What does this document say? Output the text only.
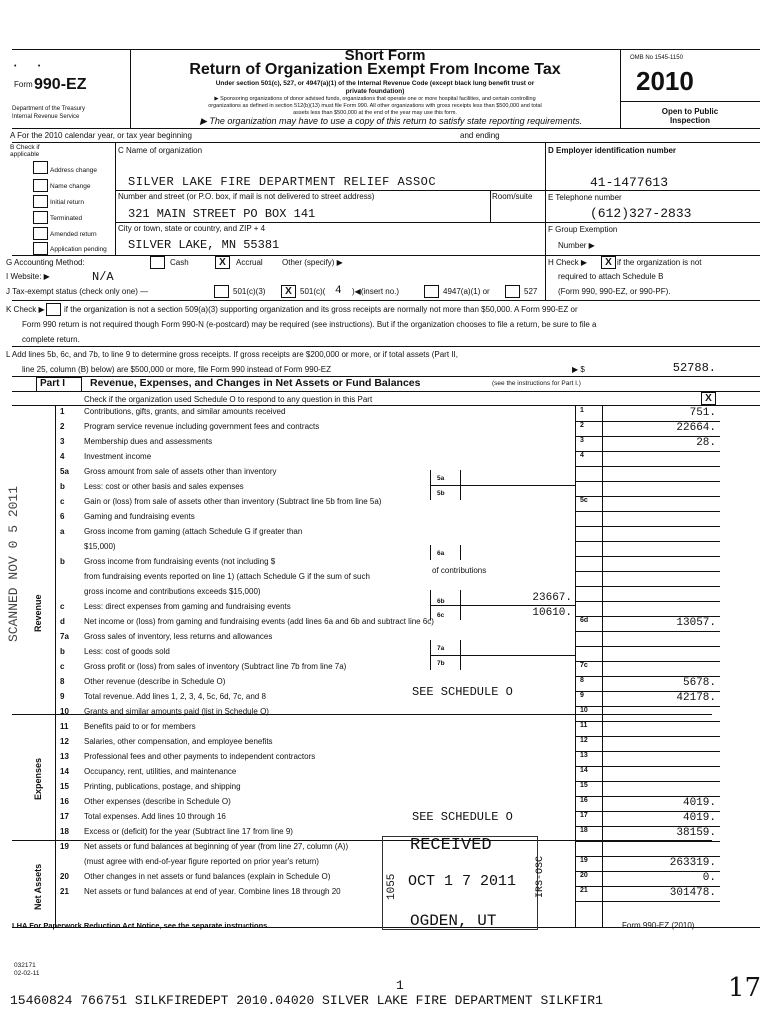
•           •
Form 990-EZ
Department of the Treasury
Internal Revenue Service
Short Form
Return of Organization Exempt From Income Tax
Under section 501(c), 527, or 4947(a)(1) of the Internal Revenue Code (except black lung benefit trust or
private foundation)
▶ Sponsoring organizations of donor advised funds, organizations that operate one or more hospital facilities, and certain controlling
organizations as defined in section 512(b)(13) must file Form 990. All other organizations with gross receipts less than $500,000 and total
assets less than $500,000 at the end of the year may use this form.
▶ The organization may have to use a copy of this return to satisfy state reporting requirements.
OMB No 1545-1150
2010
Open to Public
Inspection
A For the 2010 calendar year, or tax year beginning	and ending
B Check if applicable
Address change
Name change
Initial return
Terminated
Amended return
Application pending
C Name of organization
SILVER LAKE FIRE DEPARTMENT RELIEF ASSOC
Number and street (or P.O. box, if mail is not delivered to street address)	Room/suite
321 MAIN STREET PO BOX 141
City or town, state or country, and ZIP + 4
SILVER LAKE, MN 55381
D Employer identification number
41-1477613
E Telephone number
(612)327-2833
F Group Exemption
Number ▶
G Accounting Method:	Cash	X	Accrual Other (specify) ▶	H Check ▶	X if the organization is not
required to attach Schedule B
(Form 990, 990-EZ, or 990-PF).
I Website: ▶	N/A
J Tax-exempt status (check only one) —	501(c)(3)	X	501(c)( 4 )◀(insert no.)	4947(a)(1) or	527
K Check ▶ if the organization is not a section 509(a)(3) supporting organization and its gross receipts are normally not more than $50,000. A Form 990-EZ or
Form 990 return is not required though Form 990-N (e-postcard) may be required (see instructions). But if the organization chooses to file a return, be sure to file a
complete return.
L Add lines 5b, 6c, and 7b, to line 9 to determine gross receipts. If gross receipts are $200,000 or more, or if total assets (Part II,
line 25, column (B) below) are $500,000 or more, file Form 990 instead of Form 990-EZ	▶ $	52788.
Part I Revenue, Expenses, and Changes in Net Assets or Fund Balances	(see the instructions for Part I.)
Check if the organization used Schedule O to respond to any question in this Part	X
Revenue
Expenses
Net Assets
1 Contributions, gifts, grants, and similar amounts received	1	751.
2 Program service revenue including government fees and contracts	2	22664.
3 Membership dues and assessments	3	28.
4 Investment income	4
5a Gross amount from sale of assets other than inventory
b Less: cost or other basis and sales expenses
c Gain or (loss) from sale of assets other than inventory (Subtract line 5b from line 5a)	5c
6 Gaming and fundraising events
a Gross income from gaming (attach Schedule G if greater than
$15,000)
b Gross income from fundraising events (not including $
from fundraising events reported on line 1) (attach Schedule G if the sum of such
gross income and contributions exceeds $15,000)
c Less: direct expenses from gaming and fundraising events
d Net income or (loss) from gaming and fundraising events (add lines 6a and 6b and subtract line 6c)	6d	13057.
7a Gross sales of inventory, less returns and allowances
b Less: cost of goods sold
c Gross profit or (loss) from sales of inventory (Subtract line 7b from line 7a)	7c
8 Other revenue (describe in Schedule O)	8	5678.
9 Total revenue. Add lines 1, 2, 3, 4, 5c, 6d, 7c, and 8	9	42178.
10 Grants and similar amounts paid (list in Schedule O)	10
11 Benefits paid to or for members	11
12 Salaries, other compensation, and employee benefits	12
13 Professional fees and other payments to independent contractors	13
14 Occupancy, rent, utilities, and maintenance	14
15 Printing, publications, postage, and shipping	15
16 Other expenses (describe in Schedule O)	16	4019.
17 Total expenses. Add lines 10 through 16	17	4019.
18 Excess or (deficit) for the year (Subtract line 17 from line 9)	18	38159.
19 Net assets or fund balances at beginning of year (from line 27, column (A))
(must agree with end-of-year figure reported on prior year's return)	19	263319.
20 Other changes in net assets or fund balances (explain in Schedule O)	20	0.
21 Net assets or fund balances at end of year. Combine lines 18 through 20	21	301478.
5a
5b
6a
of contributions
6b	23667.
6c	10610.
7a
7b
SEE SCHEDULE O
SEE SCHEDULE O
RECEIVED
OCT 1 7 2011
OGDEN, UT
IRS-OSC
1055
SCANNED NOV 0 5 2011
LHA For Paperwork Reduction Act Notice, see the separate instructions.	Form 990-EZ (2010)
032171
02-02-11
1
15460824 766751 SILKFIREDEPT 2010.04020 SILVER LAKE FIRE DEPARTMENT SILKFIR1	17
